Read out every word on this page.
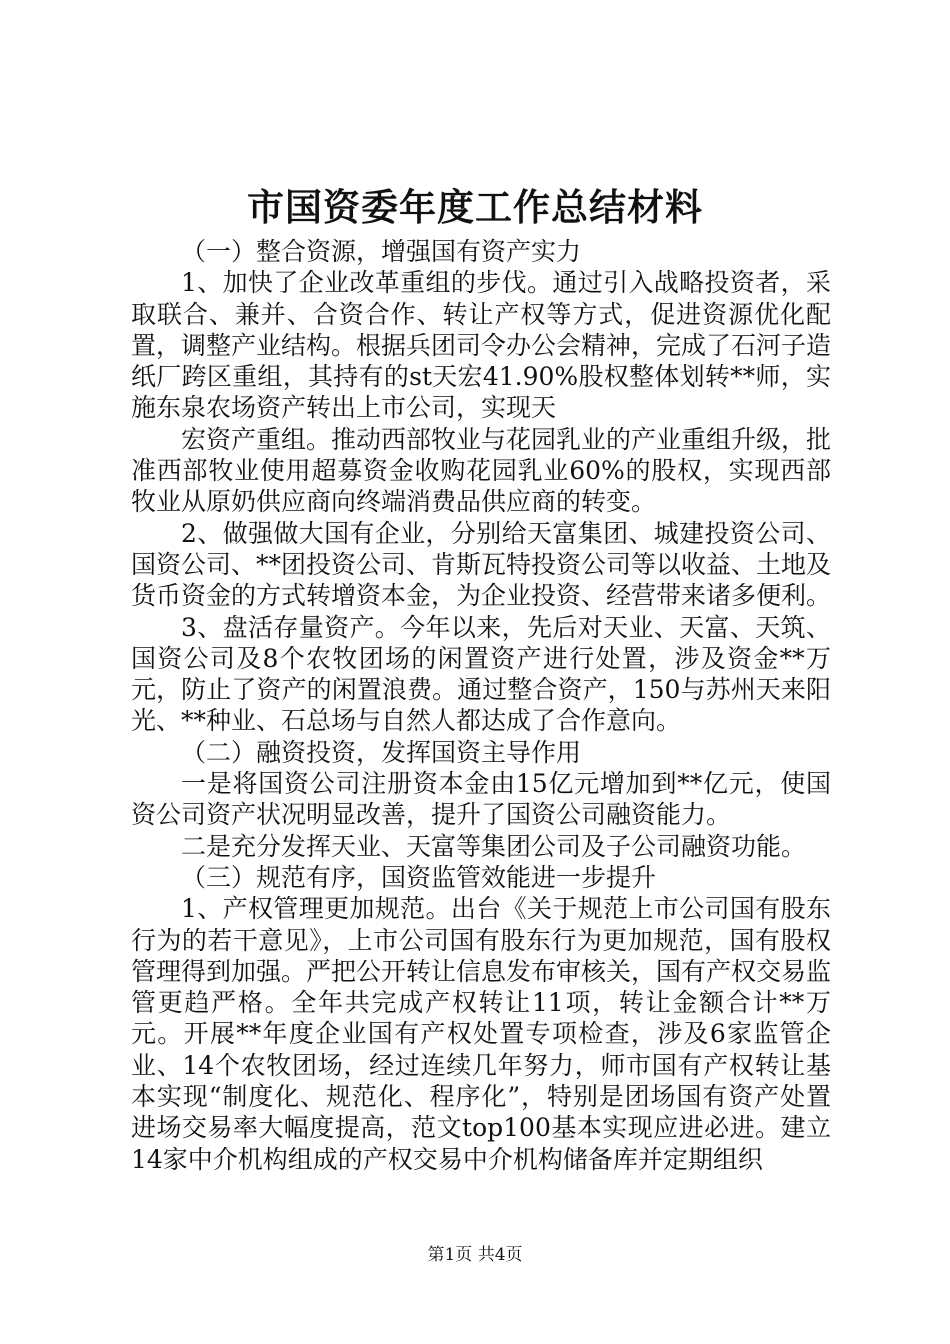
市国资委年度工作总结材料

（一）整合资源，增强国有资产实力

1、加快了企业改革重组的步伐。通过引入战略投资者，采取联合、兼并、合资合作、转让产权等方式，促进资源优化配置，调整产业结构。根据兵团司令办公会精神，完成了石河子造纸厂跨区重组，其持有的st天宏41.90%股权整体划转**师，实施东泉农场资产转出上市公司，实现天

宏资产重组。推动西部牧业与花园乳业的产业重组升级，批准西部牧业使用超募资金收购花园乳业60%的股权，实现西部牧业从原奶供应商向终端消费品供应商的转变。

2、做强做大国有企业，分别给天富集团、城建投资公司、国资公司、**团投资公司、肯斯瓦特投资公司等以收益、土地及货币资金的方式转增资本金，为企业投资、经营带来诸多便利。

3、盘活存量资产。今年以来，先后对天业、天富、天筑、国资公司及8个农牧团场的闲置资产进行处置，涉及资金**万元，防止了资产的闲置浪费。通过整合资产，150与苏州天来阳光、**种业、石总场与自然人都达成了合作意向。

（二）融资投资，发挥国资主导作用

一是将国资公司注册资本金由15亿元增加到**亿元，使国资公司资产状况明显改善，提升了国资公司融资能力。

二是充分发挥天业、天富等集团公司及子公司融资功能。

（三）规范有序，国资监管效能进一步提升

1、产权管理更加规范。出台《关于规范上市公司国有股东行为的若干意见》，上市公司国有股东行为更加规范，国有股权管理得到加强。严把公开转让信息发布审核关，国有产权交易监管更趋严格。全年共完成产权转让11项，转让金额合计**万元。开展**年度企业国有产权处置专项检查，涉及6家监管企业、14个农牧团场，经过连续几年努力，师市国有产权转让基本实现“制度化、规范化、程序化”，特别是团场国有资产处置进场交易率大幅度提高，范文top100基本实现应进必进。建立14家中介机构组成的产权交易中介机构储备库并定期组织

第1页 共4页
